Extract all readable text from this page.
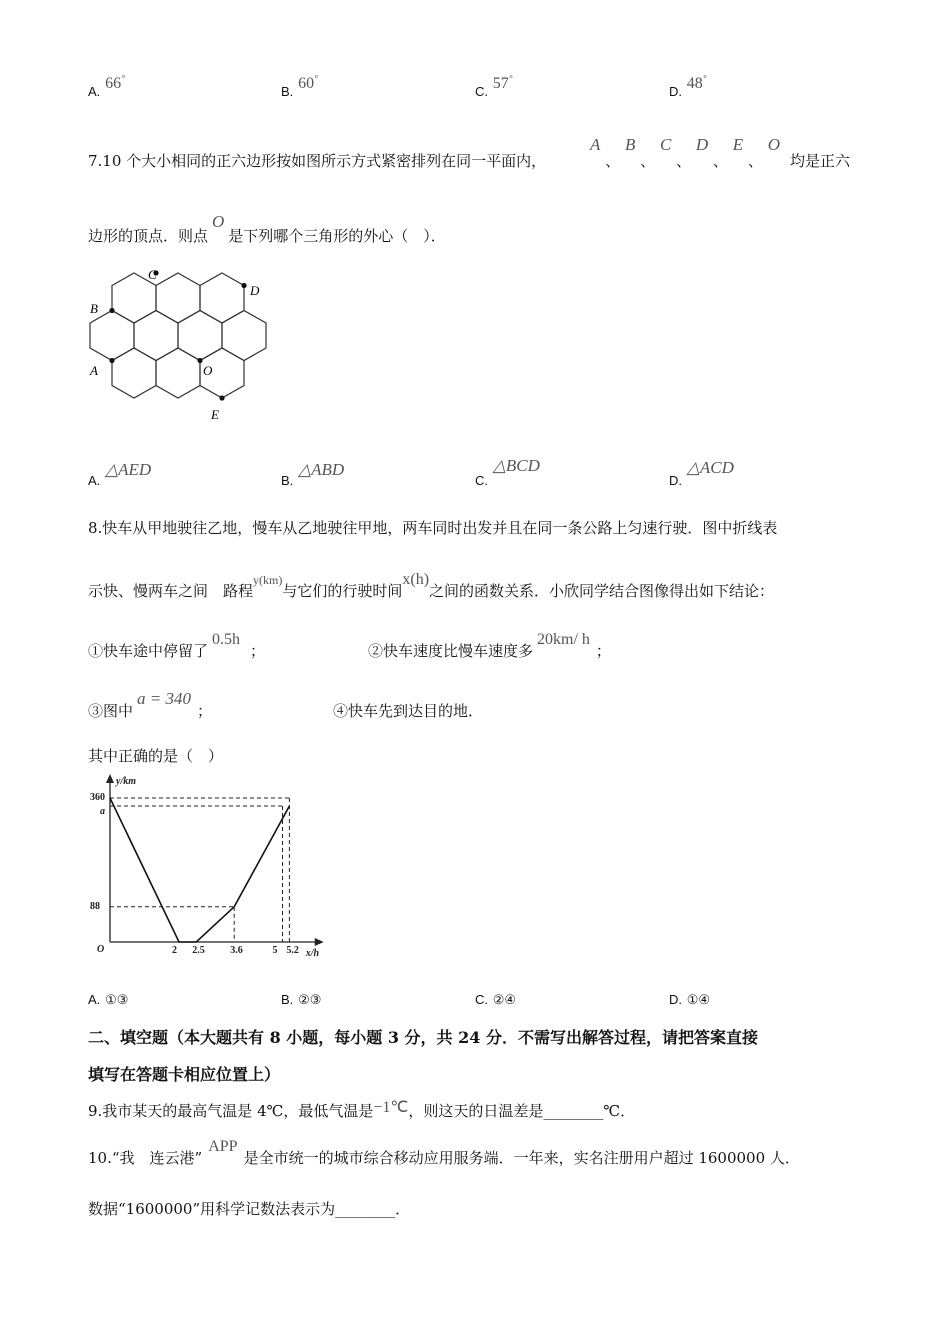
A. 66°
B. 60°
C. 57°
D. 48°
7.10 个大小相同的正六边形按如图所示方式紧密排列在同一平面内，
A 、 B 、 C 、 D 、 E 、 O
均是正六
边形的顶点．则点O是下列哪个三角形的外心（　）．
C
D
B
A	O
E
A. △AED
B. △ABD
C. △BCD
D. △ACD
8.快车从甲地驶往乙地，慢车从乙地驶往甲地，两车同时出发并且在同一条公路上匀速行驶．图中折线表
示快、慢两车之间　路程$^{y(km)}$与它们的行驶时间x(h)之间的函数关系．小欣同学结合图像得出如下结论：
①快车途中停留了0.5h；	②快车速度比慢车速度多20km/ h；
③图中a = 340；	④快车先到达目的地．
其中正确的是（　）
2 2.5	3.6	5 5.2
360
a
88
O
y/km
x/h
A. ①③	B. ②③	C. ②④	D. ①④
二、填空题（本大题共有 8 小题，每小题 3 分，共 24 分．不需写出解答过程，请把答案直接
填写在答题卡相应位置上）
9.我市某天的最高气温是 4℃，最低气温是−1℃，则这天的日温差是________℃．
10.“我　连云港”APP是全市统一的城市综合移动应用服务端．一年来，实名注册用户超过 1600000 人．
数据“1600000”用科学记数法表示为________．
